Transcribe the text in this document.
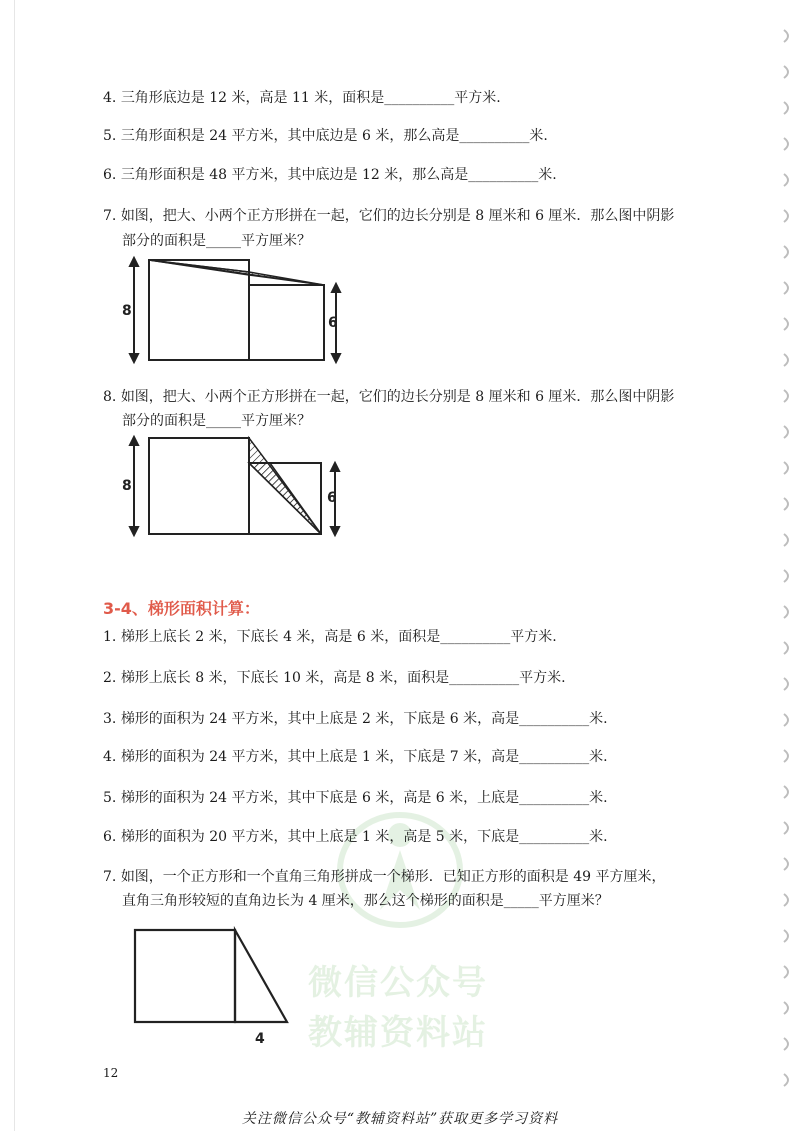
微信公众号
教辅资料站
4. 三角形底边是 12 米，高是 11 米，面积是__________平方米.
5. 三角形面积是 24 平方米，其中底边是 6 米，那么高是__________米.
6. 三角形面积是 48 平方米，其中底边是 12 米，那么高是__________米.
7. 如图，把大、小两个正方形拼在一起，它们的边长分别是 8 厘米和 6 厘米．那么图中阴影
部分的面积是_____平方厘米？
8
6
8. 如图，把大、小两个正方形拼在一起，它们的边长分别是 8 厘米和 6 厘米．那么图中阴影
部分的面积是_____平方厘米？
8
6
3-4、梯形面积计算：
1. 梯形上底长 2 米，下底长 4 米，高是 6 米，面积是__________平方米.
2. 梯形上底长 8 米，下底长 10 米，高是 8 米，面积是__________平方米.
3. 梯形的面积为 24 平方米，其中上底是 2 米，下底是 6 米，高是__________米.
4. 梯形的面积为 24 平方米，其中上底是 1 米，下底是 7 米，高是__________米.
5. 梯形的面积为 24 平方米，其中下底是 6 米，高是 6 米，上底是__________米.
6. 梯形的面积为 20 平方米，其中上底是 1 米，高是 5 米，下底是__________米.
7. 如图，一个正方形和一个直角三角形拼成一个梯形．已知正方形的面积是 49 平方厘米，
直角三角形较短的直角边长为 4 厘米，那么这个梯形的面积是_____平方厘米？
4
12
关注微信公众号“教辅资料站”获取更多学习资料
